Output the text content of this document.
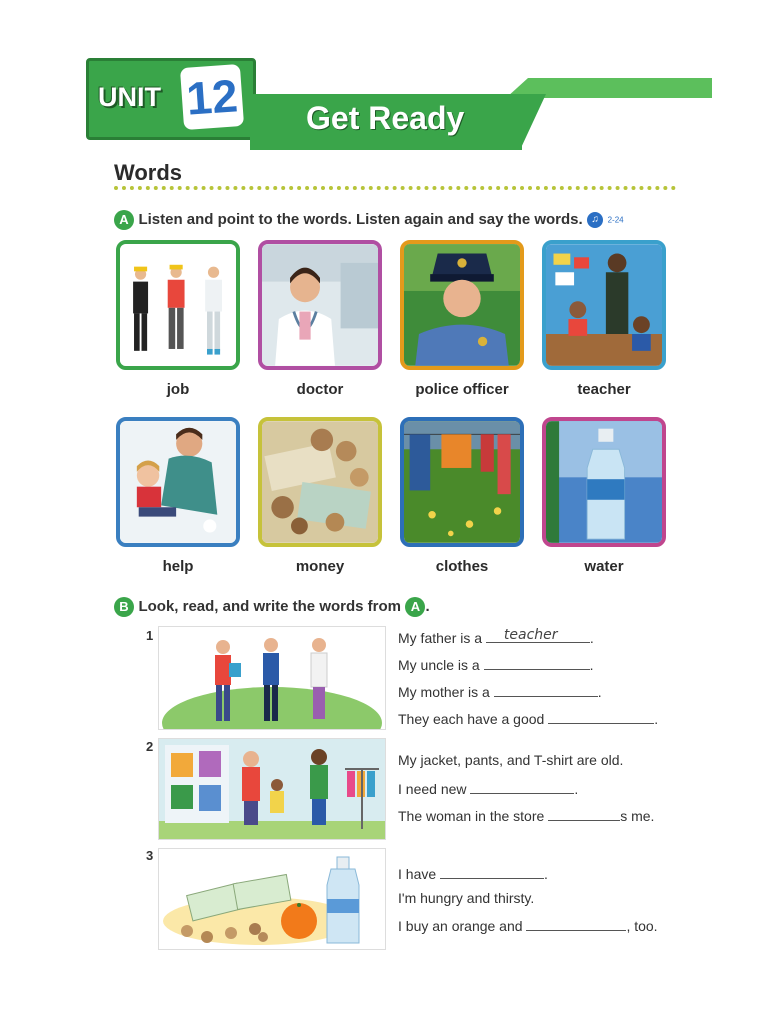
UNIT 12 Get Ready
Words
A Listen and point to the words. Listen again and say the words. ♫ 2-24
job	doctor	police officer	teacher
help	money	clothes	water
B Look, read, and write the words from A .
1	My father is a teacher .
My uncle is a	.
My mother is a	.
They each have a good	.
2
My jacket, pants, and T-shirt are old.
I need new	.
The woman in the store	s me.
3
I have	.
I'm hungry and thirsty.
I buy an orange and	, too.
